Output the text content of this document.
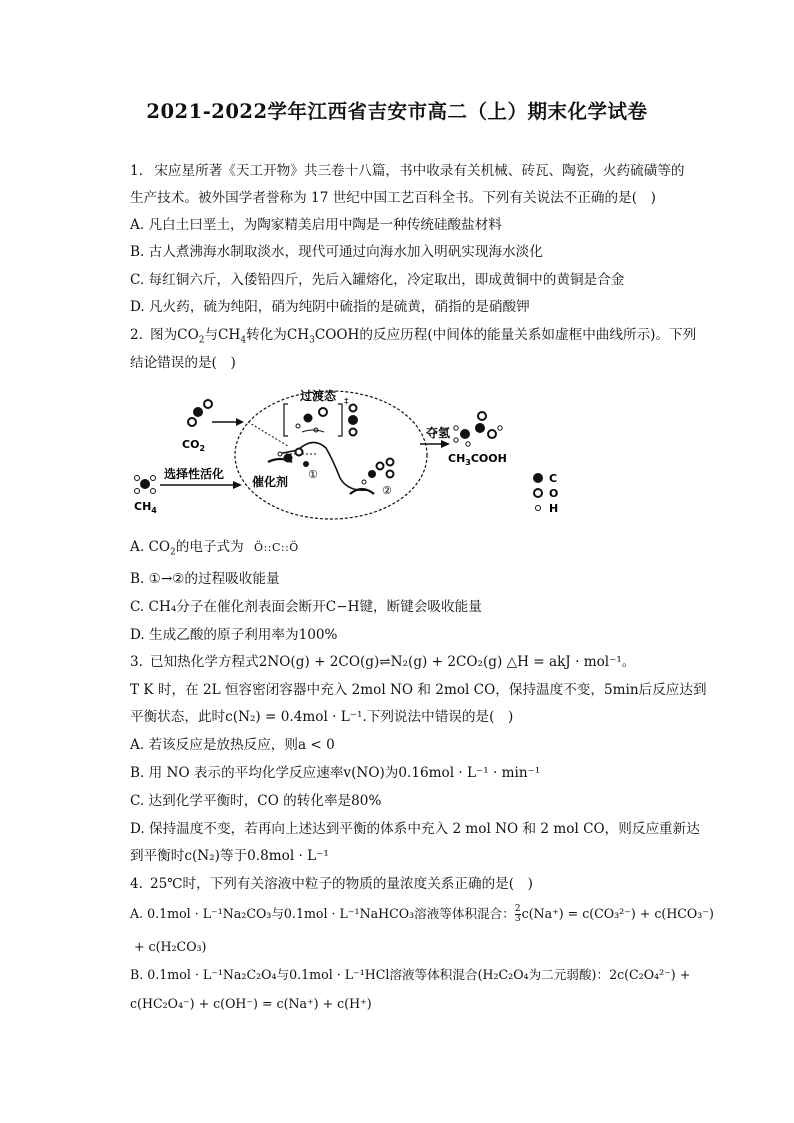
2021-2022学年江西省吉安市高二（上）期末化学试卷
1. 宋应星所著《天工开物》共三卷十八篇，书中收录有关机械、砖瓦、陶瓷，火药硫磺等的
生产技术。被外国学者誉称为 17 世纪中国工艺百科全书。下列有关说法不正确的是(　)
A. 凡白土曰垩土，为陶家精美启用中陶是一种传统硅酸盐材料
B. 古人煮沸海水制取淡水，现代可通过向海水加入明矾实现海水淡化
C. 每红铜六斤，入倭铅四斤，先后入罐熔化，冷定取出，即成黄铜中的黄铜是合金
D. 凡火药，硫为纯阳，硝为纯阴中硫指的是硫黄，硝指的是硝酸钾
2. 图为$CO_2$与$CH_4$转化为$CH_3COOH$的反应历程(中间体的能量关系如虚框中曲线所示)。下列
结论错误的是(　)
$CO_2$
$CH_4$
选择性活化
过渡态 ‡
催化剂
①
②
夺氢
$CH_3COOH$
C
O
H
A. $CO_2$的电子式为 Ö::C::Ö
B. ①→②的过程吸收能量
C. CH₄分子在催化剂表面会断开C−H键，断键会吸收能量
D. 生成乙酸的原子利用率为100%
3. 已知热化学方程式2NO(g) + 2CO(g)⇌N₂(g) + 2CO₂(g) △H = akJ · mol⁻¹。
T K 时，在 2L 恒容密闭容器中充入 2mol NO 和 2mol CO，保持温度不变，5min后反应达到
平衡状态，此时c(N₂) = 0.4mol · L⁻¹.下列说法中错误的是(　)
A. 若该反应是放热反应，则a < 0
B. 用 NO 表示的平均化学反应速率v(NO)为0.16mol · L⁻¹ · min⁻¹
C. 达到化学平衡时，CO 的转化率是80%
D. 保持温度不变，若再向上述达到平衡的体系中充入 2 mol NO 和 2 mol CO，则反应重新达
到平衡时c(N₂)等于0.8mol · L⁻¹
4. 25℃时，下列有关溶液中粒子的物质的量浓度关系正确的是(　)
A. 0.1mol · L⁻¹Na₂CO₃与0.1mol · L⁻¹NaHCO₃溶液等体积混合： $\frac{2}{3} c(Na^+) = c(CO_3^{2-}) + c(HCO_3^-)$
+ c(H₂CO₃)
B. 0.1mol · L⁻¹Na₂C₂O₄与0.1mol · L⁻¹HCl溶液等体积混合(H₂C₂O₄为二元弱酸)：2c(C₂O₄²⁻) +
c(HC₂O₄⁻) + c(OH⁻) = c(Na⁺) + c(H⁺)
